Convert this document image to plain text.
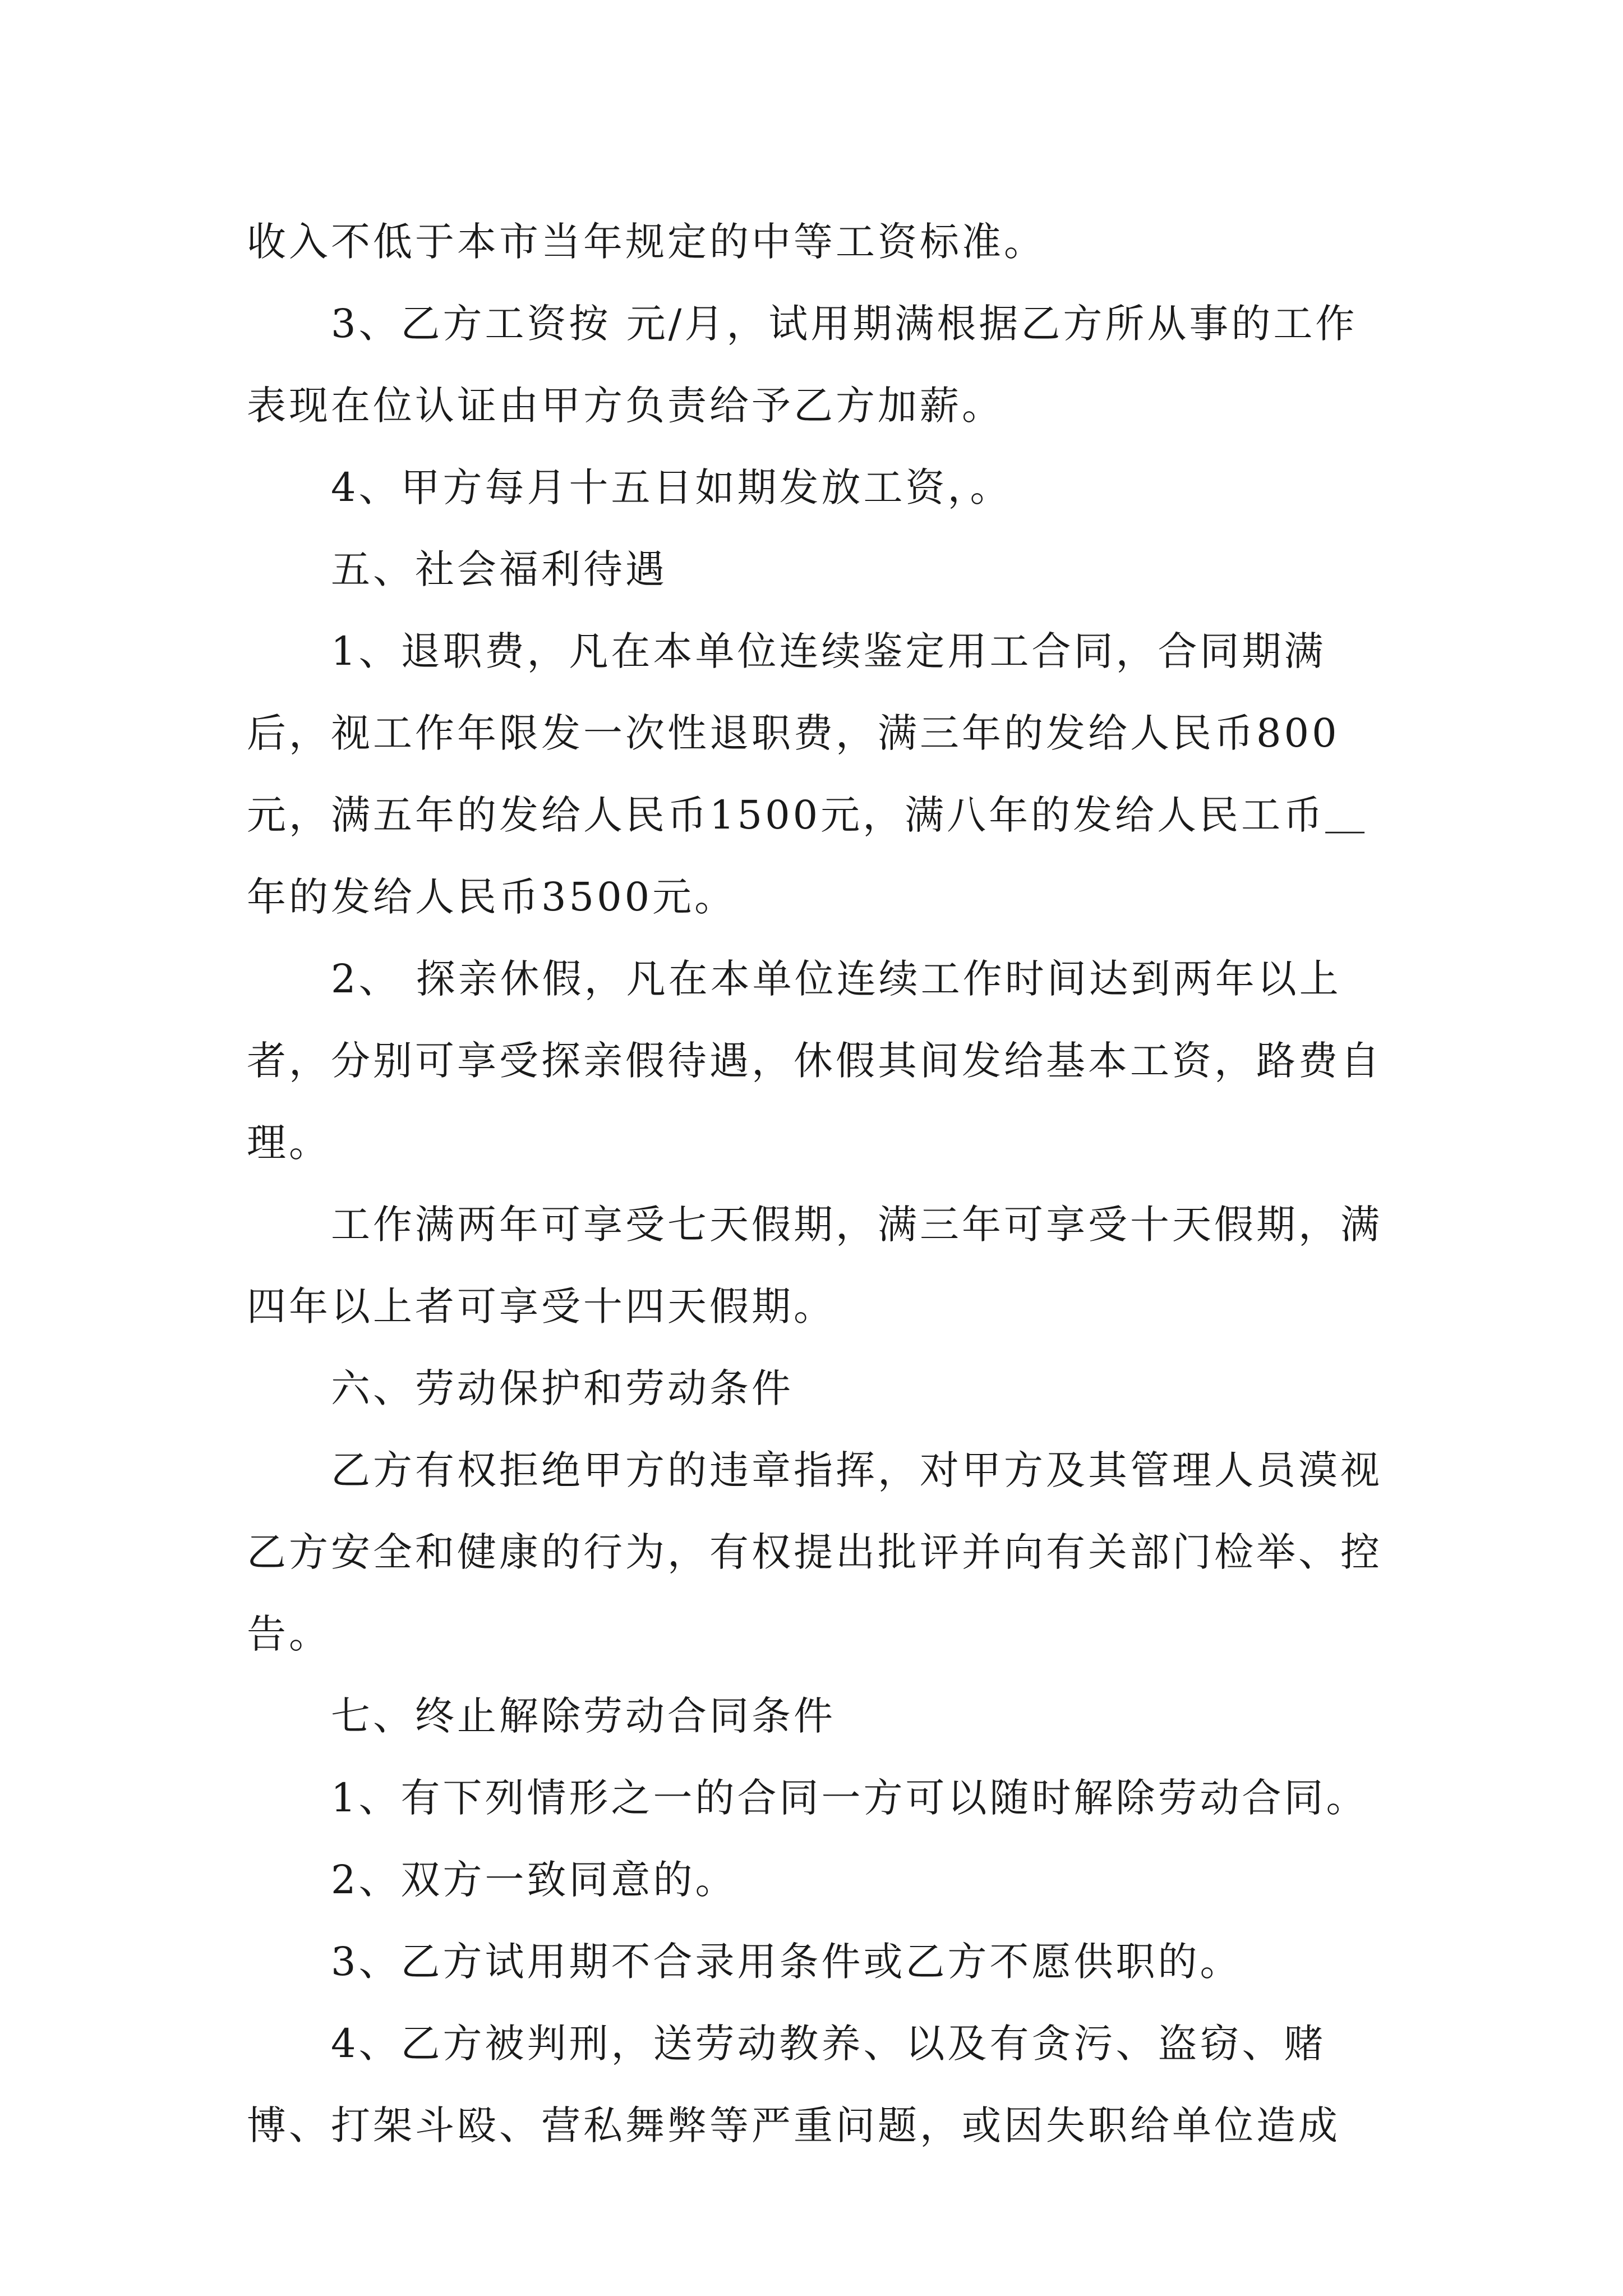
收入不低于本市当年规定的中等工资标准。

3、乙方工资按 元/月，试用期满根据乙方所从事的工作表现在位认证由甲方负责给予乙方加薪。

4、甲方每月十五日如期发放工资，。

五、社会福利待遇

1、退职费，凡在本单位连续鉴定用工合同，合同期满后，视工作年限发一次性退职费，满三年的发给人民币800元，满五年的发给人民币1500元，满八年的发给人民工币＿年的发给人民币3500元。

2、 探亲休假，凡在本单位连续工作时间达到两年以上者，分别可享受探亲假待遇，休假其间发给基本工资，路费自理。

工作满两年可享受七天假期，满三年可享受十天假期，满四年以上者可享受十四天假期。

六、劳动保护和劳动条件

乙方有权拒绝甲方的违章指挥，对甲方及其管理人员漠视乙方安全和健康的行为，有权提出批评并向有关部门检举、控告。

七、终止解除劳动合同条件

1、有下列情形之一的合同一方可以随时解除劳动合同。

2、双方一致同意的。

3、乙方试用期不合录用条件或乙方不愿供职的。

4、乙方被判刑，送劳动教养、以及有贪污、盗窃、赌博、打架斗殴、营私舞弊等严重问题，或因失职给单位造成
